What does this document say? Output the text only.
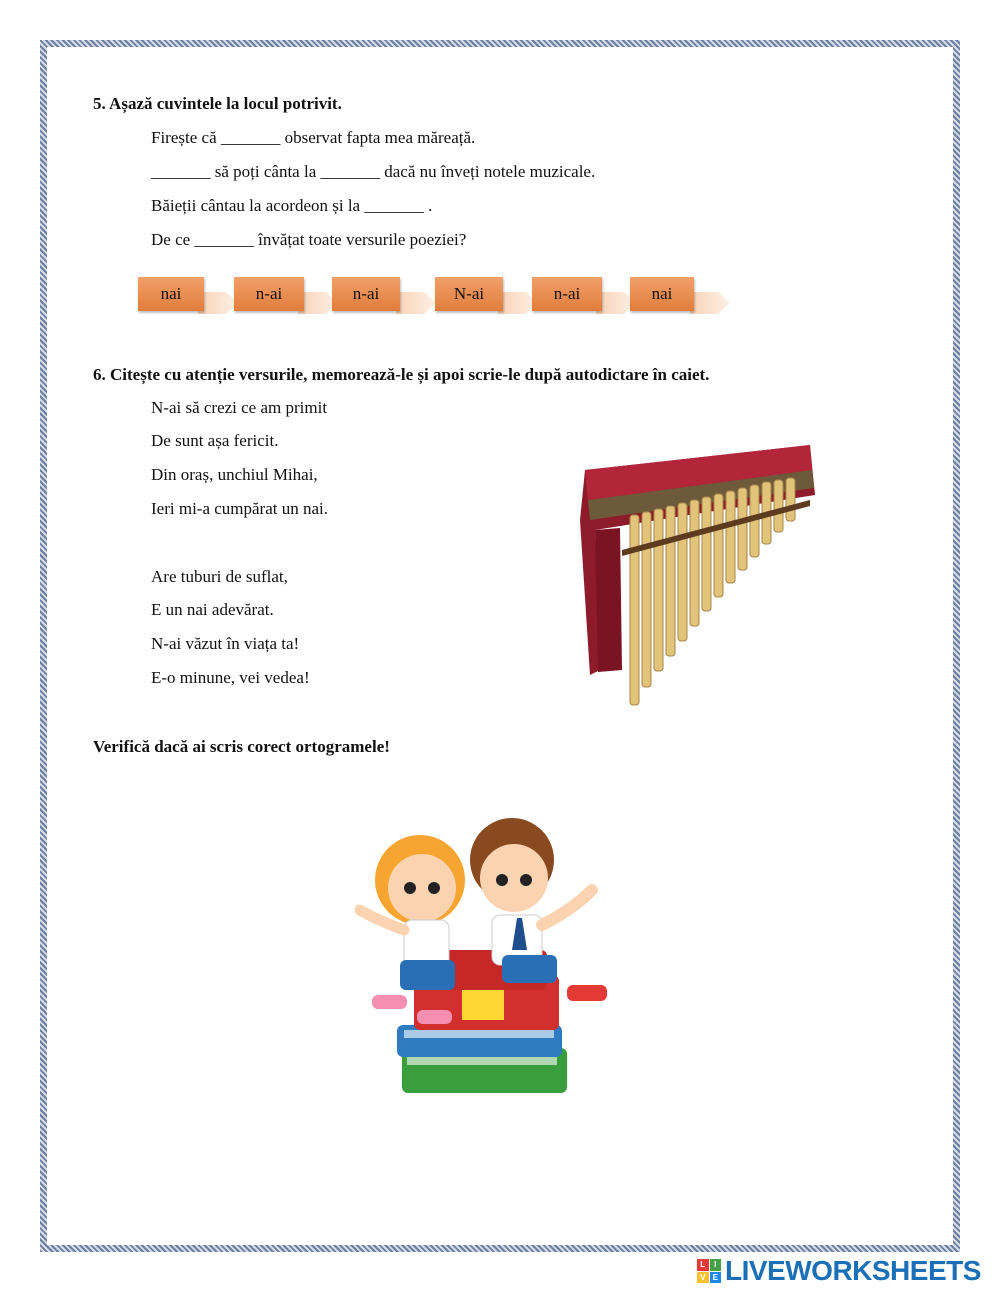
5. Așază cuvintele la locul potrivit.
Firește că _______ observat fapta mea măreață.
_______ să poți cânta la _______ dacă nu înveți notele muzicale.
Băieții cântau la acordeon și la _______ .
De ce _______ învățat toate versurile poeziei?
nai	n-ai	n-ai	N-ai	n-ai	nai
6. Citește cu atenție versurile, memorează-le și apoi scrie-le după autodictare în caiet.
N-ai să crezi ce am primit
De sunt așa fericit.
Din oraș, unchiul Mihai,
Ieri mi-a cumpărat un nai.
Are tuburi de suflat,
E un nai adevărat.
N-ai văzut în viața ta!
E-o minune, vei vedea!
Verifică dacă ai scris corect ortogramele!
L	I
V E LIVEWORKSHEETS
